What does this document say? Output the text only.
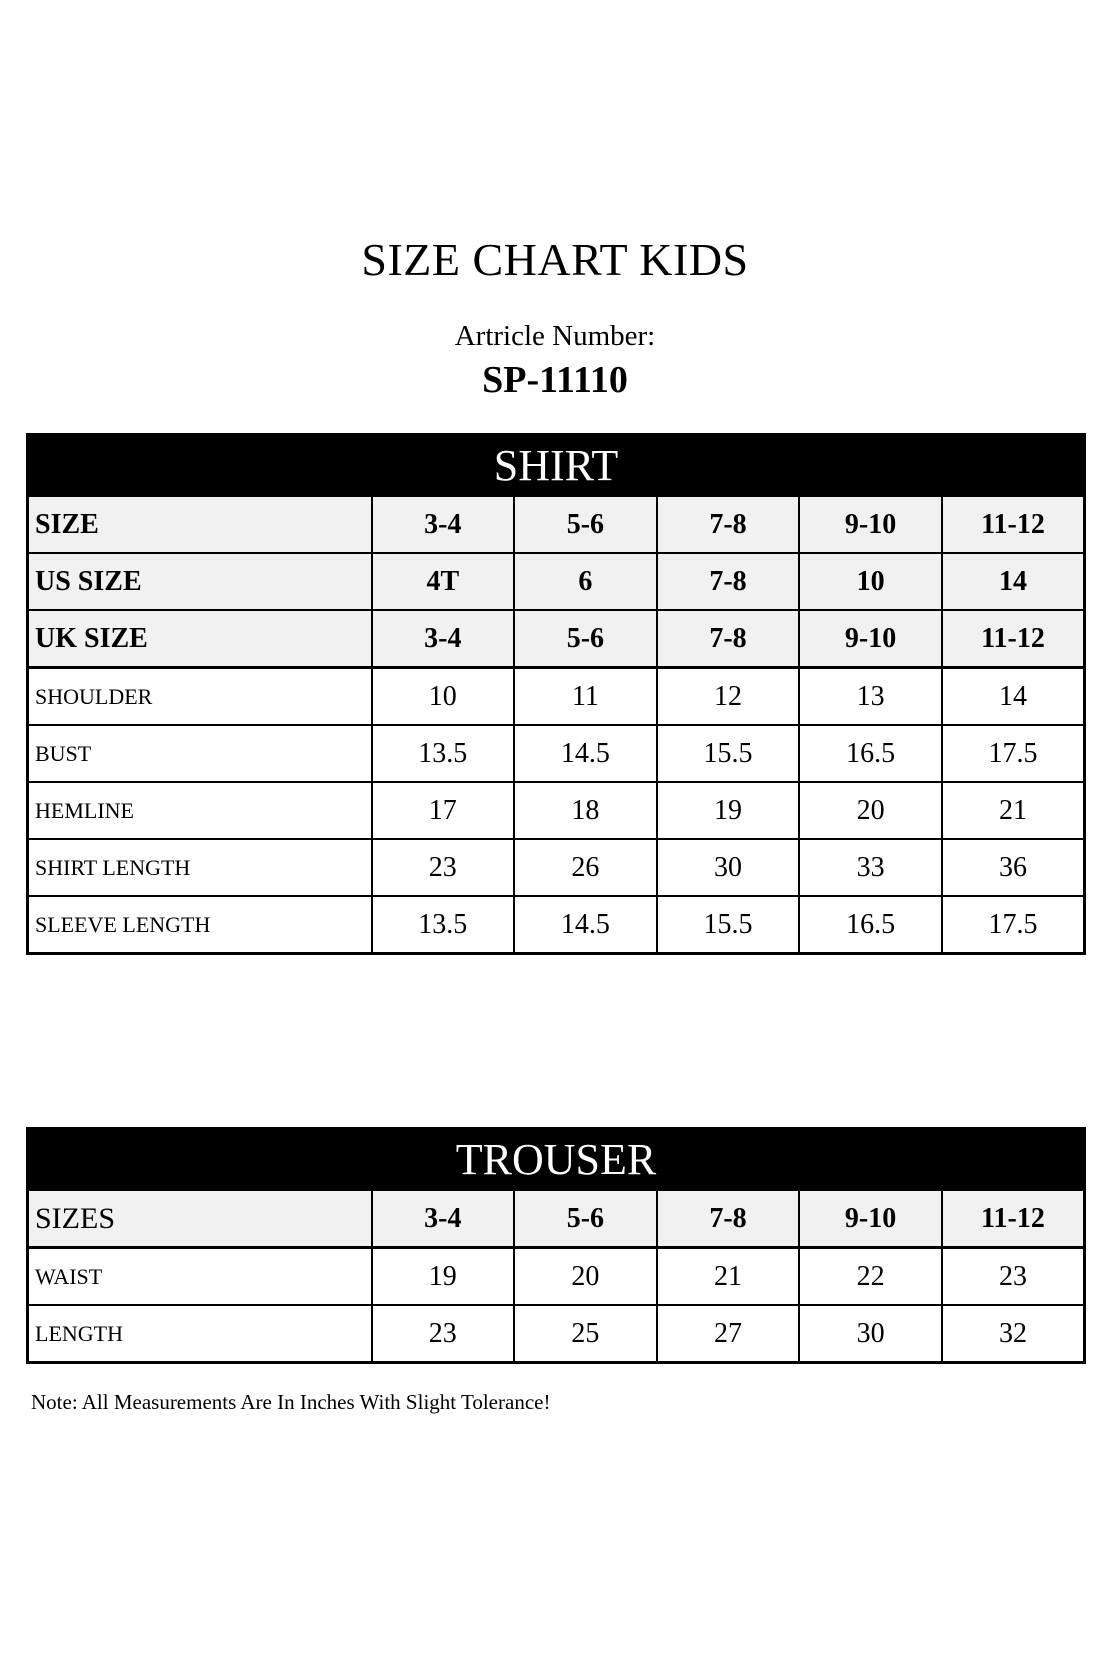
SIZE CHART KIDS
Artricle Number:
SP-11110
SHIRT					
SIZE	3-4	5-6	7-8	9-10	11-12
US SIZE	4T	6	7-8	10	14
UK SIZE	3-4	5-6	7-8	9-10	11-12
SHOULDER	10	11	12	13	14
BUST	13.5	14.5	15.5	16.5	17.5
HEMLINE	17	18	19	20	21
SHIRT LENGTH	23	26	30	33	36
SLEEVE LENGTH	13.5	14.5	15.5	16.5	17.5
TROUSER					
SIZES	3-4	5-6	7-8	9-10	11-12
WAIST	19	20	21	22	23
LENGTH	23	25	27	30	32
Note: All Measurements Are In Inches With Slight Tolerance!
